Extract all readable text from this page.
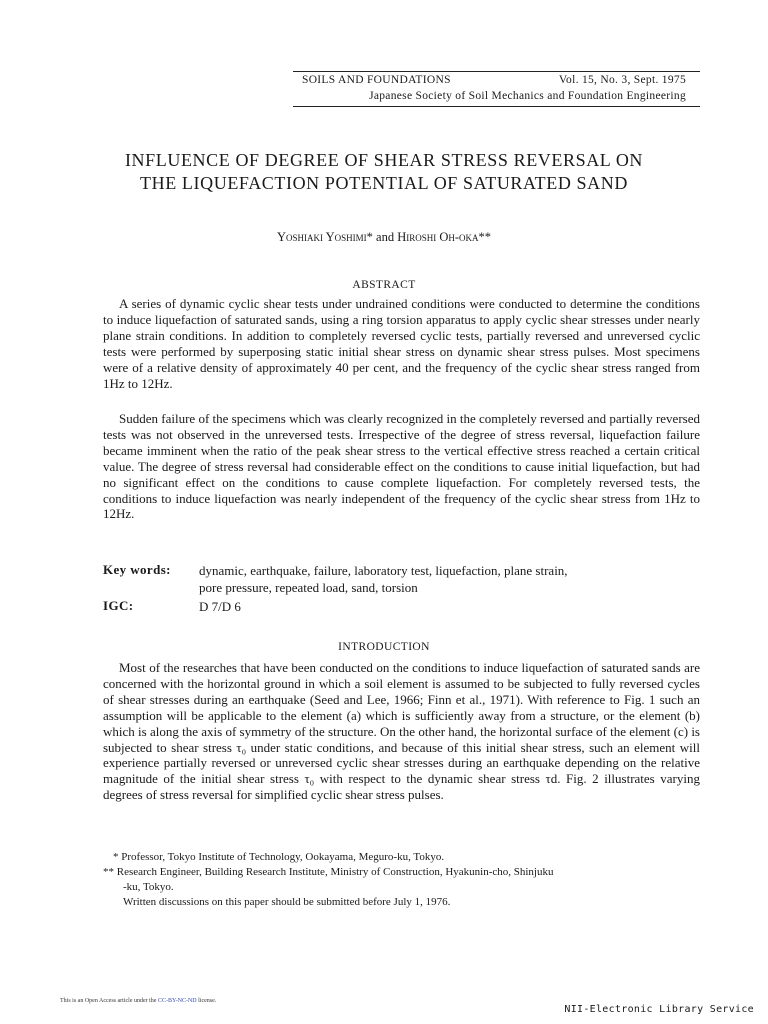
SOILS AND FOUNDATIONS	Vol. 15, No. 3, Sept. 1975
Japanese Society of Soil Mechanics and Foundation Engineering
INFLUENCE OF DEGREE OF SHEAR STRESS REVERSAL ON
THE LIQUEFACTION POTENTIAL OF SATURATED SAND
Yoshiaki Yoshimi* and Hiroshi Oh-oka**
ABSTRACT
A series of dynamic cyclic shear tests under undrained conditions were conducted to determine the conditions to induce liquefaction of saturated sands, using a ring torsion apparatus to apply cyclic shear stresses under nearly plane strain conditions. In addition to completely reversed cyclic tests, partially reversed and unreversed cyclic tests were performed by superposing static initial shear stress on dynamic shear stress pulses. Most specimens were of a relative density of approximately 40 per cent, and the frequency of the cyclic shear stress ranged from 1Hz to 12Hz.
Sudden failure of the specimens which was clearly recognized in the completely reversed and partially reversed tests was not observed in the unreversed tests. Irrespective of the degree of stress reversal, liquefaction failure became imminent when the ratio of the peak shear stress to the vertical effective stress reached a certain critical value. The degree of stress reversal had considerable effect on the conditions to cause initial liquefaction, but had no significant effect on the conditions to cause complete liquefaction. For completely reversed tests, the conditions to induce liquefaction was nearly independent of the frequency of the cyclic shear stress from 1Hz to 12Hz.
Key words: dynamic, earthquake, failure, laboratory test, liquefaction, plane strain,
pore pressure, repeated load, sand, torsion
IGC:	D 7/D 6
INTRODUCTION
Most of the researches that have been conducted on the conditions to induce liquefaction of saturated sands are concerned with the horizontal ground in which a soil element is assumed to be subjected to fully reversed cycles of shear stresses during an earthquake (Seed and Lee, 1966; Finn et al., 1971). With reference to Fig. 1 such an assumption will be applicable to the element (a) which is sufficiently away from a structure, or the element (b) which is along the axis of symmetry of the structure. On the other hand, the horizontal surface of the element (c) is subjected to shear stress τ₀ under static conditions, and because of this initial shear stress, such an element will experience partially reversed or unreversed cyclic shear stresses during an earthquake depending on the relative magnitude of the initial shear stress τ₀ with respect to the dynamic shear stress τd. Fig. 2 illustrates varying degrees of stress reversal for simplified cyclic shear stress pulses.
* Professor, Tokyo Institute of Technology, Ookayama, Meguro-ku, Tokyo.
** Research Engineer, Building Research Institute, Ministry of Construction, Hyakunin-cho, Shinjuku
-ku, Tokyo.
Written discussions on this paper should be submitted before July 1, 1976.
This is an Open Access article under the CC-BY-NC-ND license.
NII-Electronic Library Service
